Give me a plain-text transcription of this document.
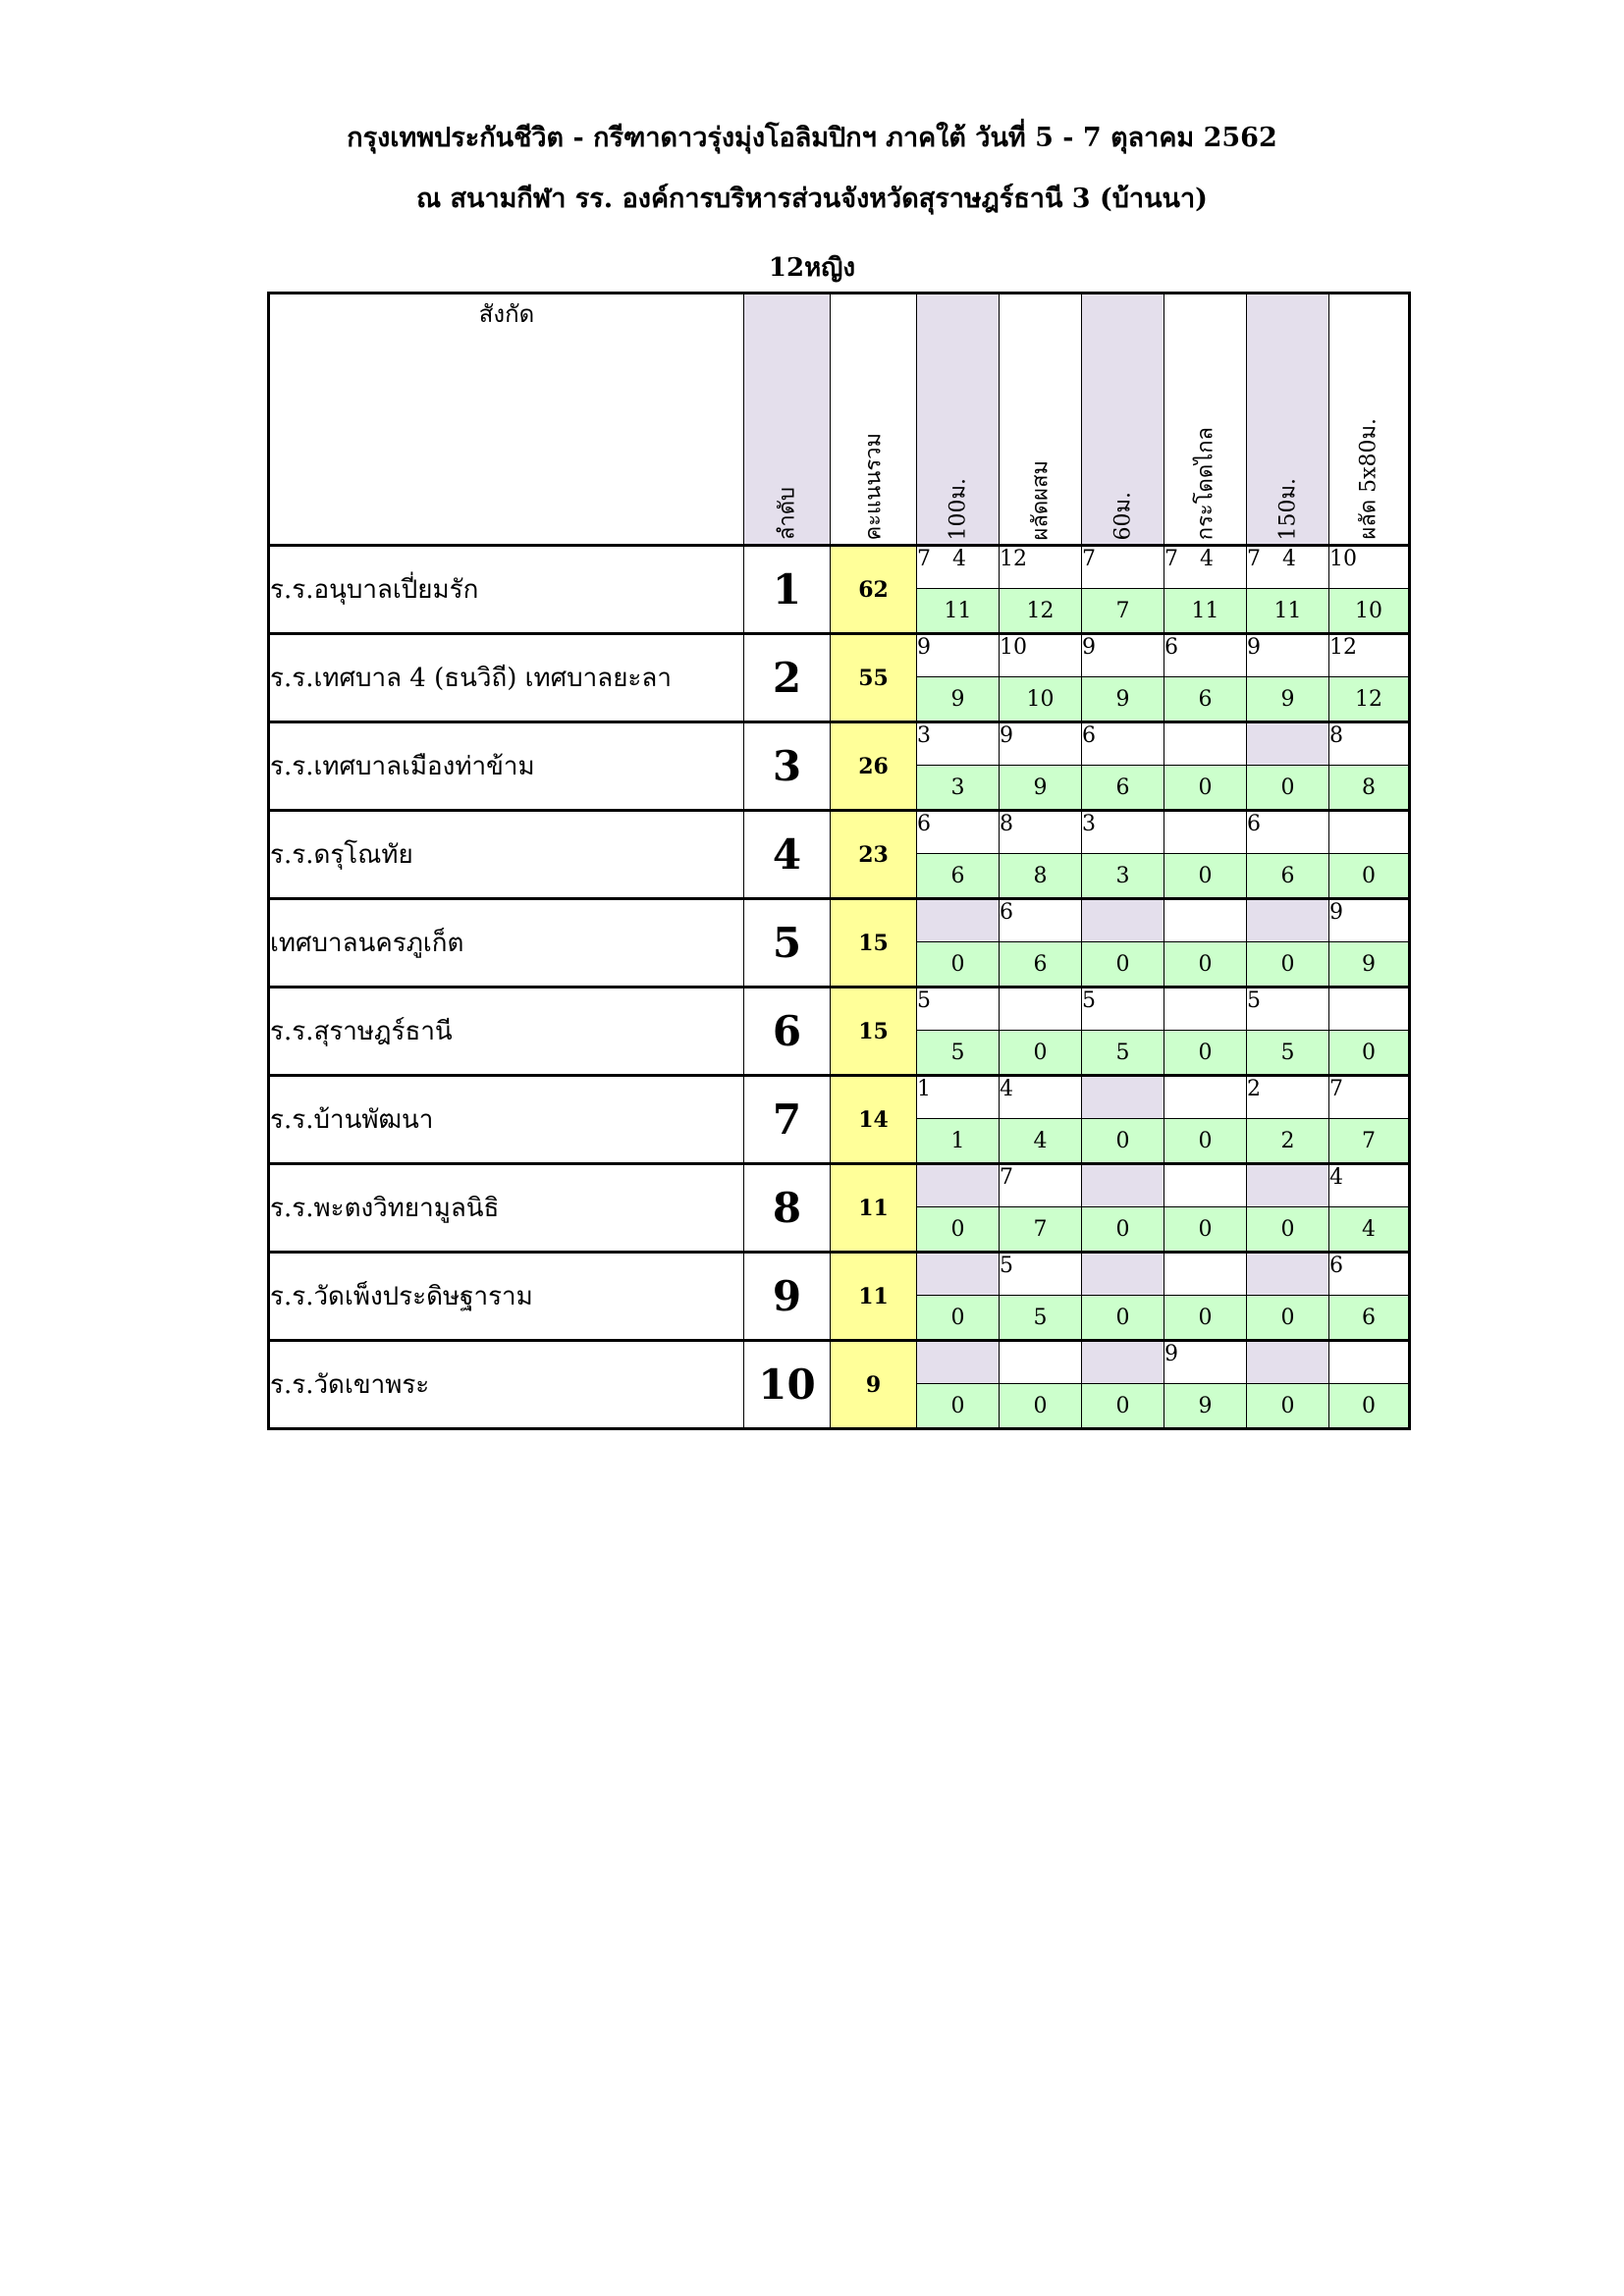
กรุงเทพประกันชีวิต - กรีฑาดาวรุ่งมุ่งโอลิมปิกฯ ภาคใต้ วันที่ 5 - 7 ตุลาคม 2562
ณ สนามกีฬา รร. องค์การบริหารส่วนจังหวัดสุราษฎร์ธานี 3 (บ้านนา)
12หญิง
สังกัด	ลำดับ	คะแนนรวม	100ม.	ผลัดผสม	60ม.	กระโดดไกล	150ม.	ผลัด 5x80ม.

ร.ร.อนุบาลเปี่ยมรัก	1	62	7 4	12	7	7 4	7 4	10
			11	12	7	11	11	10
ร.ร.เทศบาล 4 (ธนวิถี) เทศบาลยะลา	2	55	9	10	9	6	9	12
			9	10	9	6	9	12
ร.ร.เทศบาลเมืองท่าข้าม	3	26	3	9	6			8
			3	9	6	0	0	8
ร.ร.ดรุโณทัย	4	23	6	8	3		6	
			6	8	3	0	6	0
เทศบาลนครภูเก็ต	5	15		6				9
			0	6	0	0	0	9
ร.ร.สุราษฎร์ธานี	6	15	5		5		5	
			5	0	5	0	5	0
ร.ร.บ้านพัฒนา	7	14	1	4			2	7
			1	4	0	0	2	7
ร.ร.พะตงวิทยามูลนิธิ	8	11		7				4
			0	7	0	0	0	4
ร.ร.วัดเพ็งประดิษฐาราม	9	11		5				6
			0	5	0	0	0	6
ร.ร.วัดเขาพระ	10	9				9		
			0	0	0	9	0	0
